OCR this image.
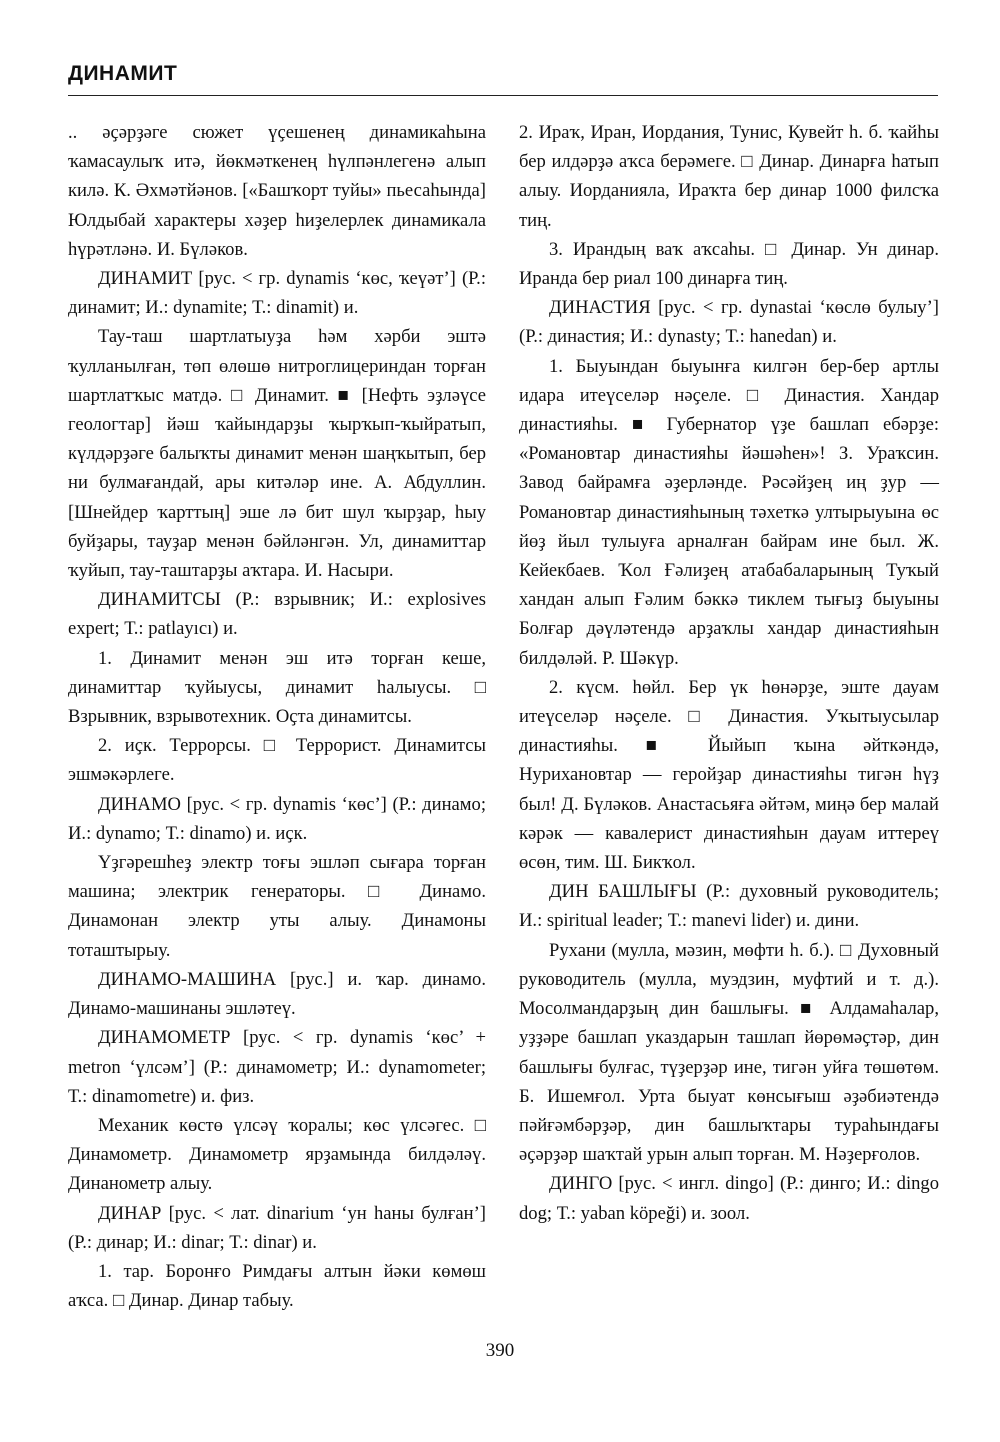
ДИНАМИТ

.. әҫәрҙәге сюжет үҫешенең динамикаһына ҡамасаулыҡ итә, йөкмәткенең һүлпәнлегенә алып килә. К. Әхмәтйәнов. [«Башҡорт туйы» пьесаһында] Юлдыбай характеры хәҙер һиҙелерлек динамикала һүрәтләнә. И. Бүләков.

ДИНАМИТ [рус. < гр. dynamis ‘көс, ҡеүәт’] (Р.: динамит; И.: dynamite; Т.: dinamit) и.

Тау-таш шартлатыуҙа һәм хәрби эштә ҡулланылған, төп өлөшө нитроглицериндан торған шартлатҡыс матдә. □ Динамит. ■ [Нефть эҙләүсе геологтар] йәш ҡайындарҙы ҡырҡып-ҡыйратып, күлдәрҙәге балыҡты динамит менән шаңҡытып, бер ни булмағандай, ары китәләр ине. А. Абдуллин. [Шнейдер ҡарттың] эше лә бит шул ҡырҙар, һыу буйҙары, тауҙар менән бәйләнгән. Ул, динамиттар ҡуйып, тау-таштарҙы аҡтара. И. Насыри.

ДИНАМИТСЫ (Р.: взрывник; И.: explosives expert; Т.: patlayıcı) и.

1. Динамит менән эш итә торған кеше, динамиттар ҡуйыусы, динамит һалыусы. □ Взрывник, взрывотехник. Оҫта динамитсы.

2. иҫк. Террорсы. □ Террорист. Динамитсы эшмәкәрлеге.

ДИНАМО [рус. < гр. dynamis ‘көс’] (Р.: динамо; И.: dynamo; Т.: dinamo) и. иҫк.

Үҙгәрешһеҙ электр тоғы эшләп сығара торған машина; электрик генераторы. □ Динамо. Динамонан электр уты алыу. Динамоны тоташтырыу.

ДИНАМО-МАШИНА [рус.] и. ҡар. динамо. Динамо-машинаны эшләтеү.

ДИНАМОМЕТР [рус. < гр. dynamis ‘көс’ + metron ‘үлсәм’] (Р.: динамометр; И.: dynamometer; Т.: dinamometre) и. физ.

Механик көстө үлсәү ҡоралы; көс үлсәгес. □ Динамометр. Динамометр ярҙамында билдәләү. Динанометр алыу.

ДИНАР [рус. < лат. dinarium ‘ун һаны булған’] (Р.: динар; И.: dinar; Т.: dinar) и.

1. тар. Боронғо Римдағы алтын йәки көмөш аҡса. □ Динар. Динар табыу.

2. Ираҡ, Иран, Иордания, Тунис, Кувейт һ. б. ҡайһы бер илдәрҙә аҡса берәмеге. □ Динар. Динарға һатып алыу. Иорданияла, Ираҡта бер динар 1000 филсҡа тиң.

3. Ирандың ваҡ аҡсаһы. □ Динар. Ун динар. Иранда бер риал 100 динарға тиң.

ДИНАСТИЯ [рус. < гр. dynastai ‘көслө булыу’] (Р.: династия; И.: dynasty; Т.: hanedan) и.

1. Быуындан быуынға килгән бер-бер артлы идара итеүселәр нәҫеле. □ Династия. Хандар династияһы. ■ Губернатор үҙе башлап ебәрҙе: «Романовтар династияһы йәшәһен»! З. Ураҡсин. Завод байрамға әҙерләнде. Рәсәйҙең иң ҙур — Романовтар династияһының тәхеткә ултырыуына өс йөҙ йыл тулыуға арналған байрам ине был. Ж. Кейекбаев. Ҡол Ғәлиҙең атабабаларының Туҡый хандан алып Ғәлим бәккә тиклем тығыҙ быуыны Болғар дәүләтендә арҙаҡлы хандар династияһын билдәләй. Р. Шәкүр.

2. күсм. һөйл. Бер үк һөнәрҙе, эште дауам итеүселәр нәҫеле. □ Династия. Уҡытыусылар династияһы. ■ Йыйып ҡына әйткәндә, Нурихановтар — геройҙар династияһы тигән һүҙ был! Д. Бүләков. Анастасьяға әйтәм, миңә бер малай кәрәк — кавалерист династияһын дауам иттереү өсөн, тим. Ш. Бикҡол.

ДИН БАШЛЫҒЫ (Р.: духовный руководитель; И.: spiritual leader; Т.: manevi lider) и. дини.

Рухани (мулла, мәзин, мөфти һ. б.). □ Духовный руководитель (мулла, муэдзин, муфтий и т. д.). Мосолмандарҙың дин башлығы. ■ Алдамаһалар, уҙҙәре башлап указдарын ташлап йөрөмәҫтәр, дин башлығы булғас, түҙерҙәр ине, тигән уйға төшөтөм. Б. Ишемғол. Урта быуат көнсығыш әҙәбиәтендә пәйғәмбәрҙәр, дин башлыҡтары тураһындағы әҫәрҙәр шаҡтай урын алып торған. М. Нәҙерғолов.

ДИНГО [рус. < ингл. dingo] (Р.: динго; И.: dingo dog; Т.: yaban köpeği) и. зоол.

390
